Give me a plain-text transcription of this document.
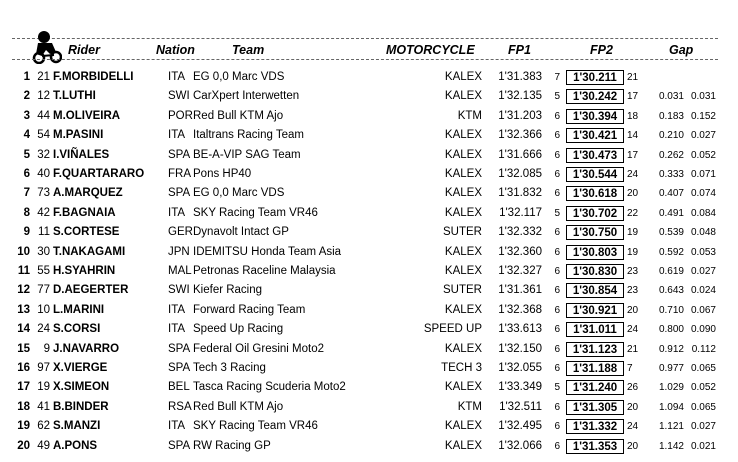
Rider	Nation	Team	MOTORCYCLE	FP1	FP2	Gap
1 21 F.MORBIDELLI	ITA EG 0,0 Marc VDS	KALEX	1'31.383	7	1'30.211	21
2 12 T.LUTHI	SWI CarXpert Interwetten	KALEX	1'32.135	5	1'30.242 17	0.031 0.031
3 44 M.OLIVEIRA	POR Red Bull KTM Ajo	KTM	1'31.203	6	1'30.394 18	0.183 0.152
4 54 M.PASINI	ITA Italtrans Racing Team	KALEX	1'32.366	6	1'30.421 14	0.210 0.027
5 32 I.VIÑALES	SPA BE-A-VIP SAG Team	KALEX	1'31.666	6	1'30.473 17	0.262 0.052
6 40 F.QUARTARARO FRA Pons HP40	KALEX	1'32.085	6	1'30.544 24	0.333 0.071
7 73 A.MARQUEZ	SPA EG 0,0 Marc VDS	KALEX	1'31.832	6	1'30.618 20	0.407 0.074
8 42 F.BAGNAIA	ITA SKY Racing Team VR46	KALEX	1'32.117	5	1'30.702 22	0.491 0.084
9 11 S.CORTESE	GER Dynavolt Intact GP	SUTER	1'32.332	6	1'30.750 19	0.539 0.048
10 30 T.NAKAGAMI	JPN IDEMITSU Honda Team Asia	KALEX	1'32.360	6	1'30.803 19	0.592 0.053
11 55 H.SYAHRIN	MAL Petronas Raceline Malaysia	KALEX	1'32.327	6	1'30.830 23	0.619 0.027
12 77 D.AEGERTER	SWI Kiefer Racing	SUTER	1'31.361	6	1'30.854 23	0.643 0.024
13 10 L.MARINI	ITA Forward Racing Team	KALEX	1'32.368	6	1'30.921 20	0.710 0.067
14 24 S.CORSI	ITA Speed Up Racing	SPEED UP	1'33.613	6	1'31.011	24	0.800 0.090
15	9 J.NAVARRO	SPA Federal Oil Gresini Moto2	KALEX	1'32.150	6	1'31.123 21	0.912 0.112
16 97 X.VIERGE	SPA Tech 3 Racing	TECH 3	1'32.055	6	1'31.188 7	0.977 0.065
17 19 X.SIMEON	BEL Tasca Racing Scuderia Moto2	KALEX	1'33.349	5	1'31.240 26	1.029 0.052
18 41 B.BINDER	RSA Red Bull KTM Ajo	KTM	1'32.511	6	1'31.305 20	1.094 0.065
19 62 S.MANZI	ITA SKY Racing Team VR46	KALEX	1'32.495	6	1'31.332 24	1.121 0.027
20 49 A.PONS	SPA RW Racing GP	KALEX	1'32.066	6	1'31.353 20	1.142 0.021
